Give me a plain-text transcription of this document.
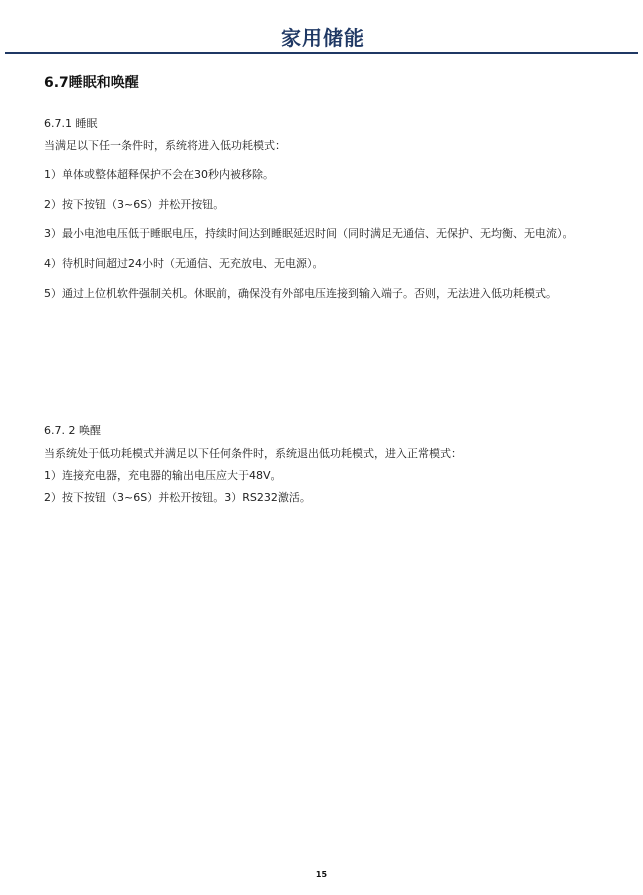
家用储能
6.7睡眠和唤醒
6.7.1 睡眠
当满足以下任一条件时，系统将进入低功耗模式：
1）单体或整体超释保护不会在30秒内被移除。
2）按下按钮（3~6S）并松开按钮。
3）最小电池电压低于睡眠电压，持续时间达到睡眠延迟时间（同时满足无通信、无保护、无均衡、无电流）。
4）待机时间超过24小时（无通信、无充放电、无电源）。
5）通过上位机软件强制关机。休眠前，确保没有外部电压连接到输入端子。否则，无法进入低功耗模式。
6.7. 2 唤醒
当系统处于低功耗模式并满足以下任何条件时，系统退出低功耗模式，进入正常模式：
1）连接充电器，充电器的输出电压应大于48V。
2）按下按钮（3~6S）并松开按钮。3）RS232激活。
15
